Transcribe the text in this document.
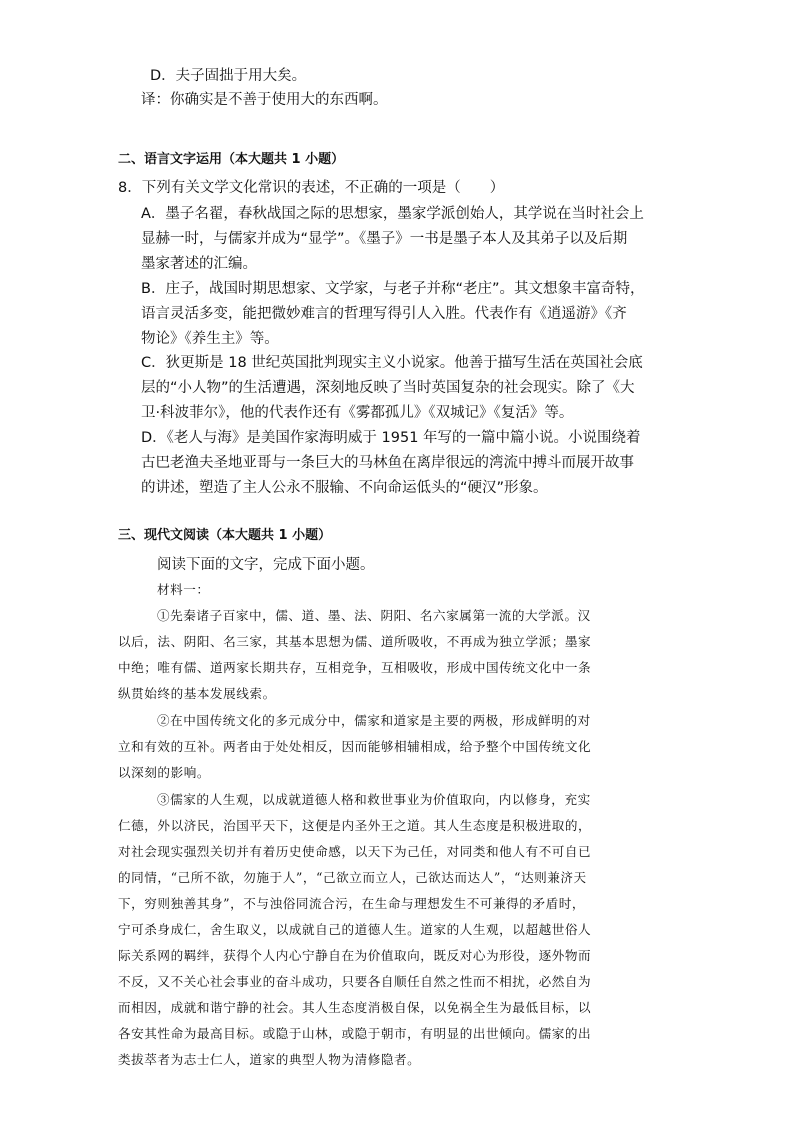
D．夫子固拙于用大矣。
译：你确实是不善于使用大的东西啊。
二、语言文字运用（本大题共 1 小题）
8．下列有关文学文化常识的表述，不正确的一项是（　　）
A．墨子名翟，春秋战国之际的思想家，墨家学派创始人，其学说在当时社会上
显赫一时，与儒家并成为“显学”。《墨子》一书是墨子本人及其弟子以及后期
墨家著述的汇编。
B．庄子，战国时期思想家、文学家，与老子并称“老庄”。其文想象丰富奇特，
语言灵活多变，能把微妙难言的哲理写得引人入胜。代表作有《逍遥游》《齐
物论》《养生主》等。
C．狄更斯是 18 世纪英国批判现实主义小说家。他善于描写生活在英国社会底
层的“小人物”的生活遭遇，深刻地反映了当时英国复杂的社会现实。除了《大
卫·科波菲尔》，他的代表作还有《雾都孤儿》《双城记》《复活》等。
D．《老人与海》是美国作家海明威于 1951 年写的一篇中篇小说。小说围绕着
古巴老渔夫圣地亚哥与一条巨大的马林鱼在离岸很远的湾流中搏斗而展开故事
的讲述，塑造了主人公永不服输、不向命运低头的“硬汉”形象。
三、现代文阅读（本大题共 1 小题）
阅读下面的文字，完成下面小题。
材料一：
①先秦诸子百家中，儒、道、墨、法、阴阳、名六家属第一流的大学派。汉
以后，法、阴阳、名三家，其基本思想为儒、道所吸收，不再成为独立学派；墨家
中绝；唯有儒、道两家长期共存，互相竞争，互相吸收，形成中国传统文化中一条
纵贯始终的基本发展线索。
②在中国传统文化的多元成分中，儒家和道家是主要的两极，形成鲜明的对
立和有效的互补。两者由于处处相反，因而能够相辅相成，给予整个中国传统文化
以深刻的影响。
③儒家的人生观，以成就道德人格和救世事业为价值取向，内以修身，充实
仁德，外以济民，治国平天下，这便是内圣外王之道。其人生态度是积极进取的，
对社会现实强烈关切并有着历史使命感，以天下为己任，对同类和他人有不可自已
的同情，“己所不欲，勿施于人”，“己欲立而立人，己欲达而达人”，“达则兼济天
下，穷则独善其身”，不与浊俗同流合污，在生命与理想发生不可兼得的矛盾时，
宁可杀身成仁，舍生取义，以成就自己的道德人生。道家的人生观，以超越世俗人
际关系网的羁绊，获得个人内心宁静自在为价值取向，既反对心为形役，逐外物而
不反，又不关心社会事业的奋斗成功，只要各自顺任自然之性而不相扰，必然自为
而相因，成就和谐宁静的社会。其人生态度消极自保，以免祸全生为最低目标，以
各安其性命为最高目标。或隐于山林，或隐于朝市，有明显的出世倾向。儒家的出
类拔萃者为志士仁人，道家的典型人物为清修隐者。
